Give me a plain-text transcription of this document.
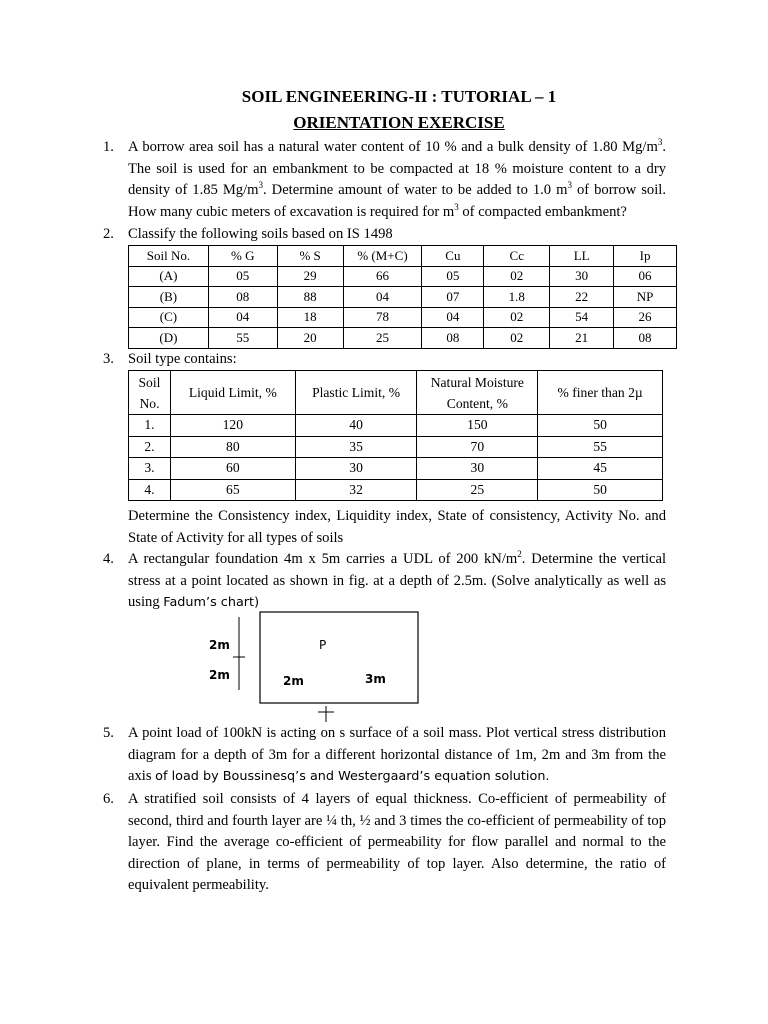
SOIL ENGINEERING-II : TUTORIAL – 1
ORIENTATION EXERCISE
1. A borrow area soil has a natural water content of 10 % and a bulk density of 1.80 $Mg/m^3$. The soil is used for an embankment to be compacted at 18 % moisture content to a dry density of 1.85 $Mg/m^3$. Determine amount of water to be added to 1.0 $m^3$ of borrow soil. How many cubic meters of excavation is required for $m^3$ of compacted embankment?
2. Classify the following soils based on IS 1498
Soil No.	% G	% S	% (M+C)	Cu	Cc	LL	Ip
(A)	05	29	66	05	02	30	06
(B)	08	88	04	07	1.8	22	NP
(C)	04	18	78	04	02	54	26
(D)	55	20	25	08	02	21	08
3. Soil type contains:
Soil No.	Liquid Limit, %	Plastic Limit, %	Natural Moisture Content, %	% finer than 2µ
1.	120	40	150	50
2.	80	35	70	55
3.	60	30	30	45
4.	65	32	25	50
Determine the Consistency index, Liquidity index, State of consistency, Activity No. and State of Activity for all types of soils
4. A rectangular foundation 4m x 5m carries a UDL of 200 $kN/m^2$. Determine the vertical stress at a point located as shown in fig. at a depth of 2.5m. (Solve analytically as well as using Fadum’s chart)
2m
2m
P
2m	3m
5. A point load of 100kN is acting on s surface of a soil mass. Plot vertical stress distribution diagram for a depth of 3m for a different horizontal distance of 1m, 2m and 3m from the axis of load by Boussinesq’s and Westergaard’s equation solution.
6. A stratified soil consists of 4 layers of equal thickness. Co-efficient of permeability of second, third and fourth layer are ¼ th, ½ and 3 times the co-efficient of permeability of top layer. Find the average co-efficient of permeability for flow parallel and normal to the direction of plane, in terms of permeability of top layer. Also determine, the ratio of equivalent permeability.
